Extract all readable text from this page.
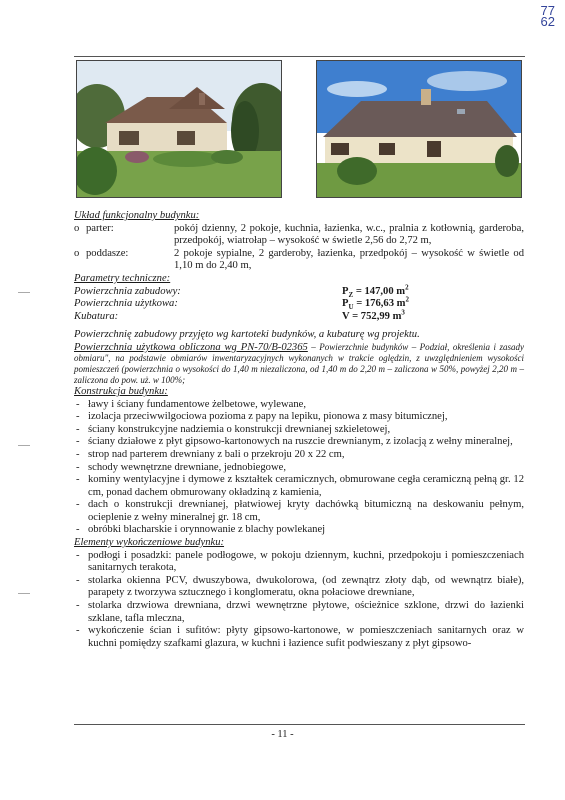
77
62

Układ funkcjonalny budynku:

o parter:	pokój dzienny, 2 pokoje, kuchnia, łazienka, w.c., pralnia z kotłownią, garderoba, przedpokój, wiatrołap – wysokość w świetle 2,56 do 2,72 m,
o poddasze:	2 pokoje sypialne, 2 garderoby, łazienka, przedpokój – wysokość w świetle od 1,10 m do 2,40 m,

Parametry techniczne:

Powierzchnia zabudowy:	$P_Z = 147,00$ $m^2$
Powierzchnia użytkowa:	$P_U = 176,63$ $m^2$
Kubatura:	V = 752,99 $m^3$
Powierzchnię zabudowy przyjęto wg kartoteki budynków, a kubaturę wg projektu.
Powierzchnia użytkowa obliczona wg PN-70/B-02365 – Powierzchnie budynków – Podział, określenia i zasady obmiaru", na podstawie obmiarów inwentaryzacyjnych wykonanych w trakcie oględzin, z uwzględnieniem wysokości pomieszczeń (powierzchnia o wysokości do 1,40 m niezaliczona, od 1,40 m do 2,20 m – zaliczona w 50%, powyżej 2,20 m – zaliczona do pow. uż. w 100%;

Konstrukcja budynku:

- ławy i ściany fundamentowe żelbetowe, wylewane,
- izolacja przeciwwilgociowa pozioma z papy na lepiku, pionowa z masy bitumicznej,
- ściany konstrukcyjne nadziemia o konstrukcji drewnianej szkieletowej,
- ściany działowe z płyt gipsowo-kartonowych na ruszcie drewnianym, z izolacją z wełny mineralnej,
- strop nad parterem drewniany z bali o przekroju 20 x 22 cm,
- schody wewnętrzne drewniane, jednobiegowe,
- kominy wentylacyjne i dymowe z kształtek ceramicznych, obmurowane cegła ceramiczną pełną gr. 12 cm, ponad dachem obmurowany okładziną z kamienia,
- dach o konstrukcji drewnianej, płatwiowej kryty dachówką bitumiczną na deskowaniu pełnym, ocieplenie z wełny mineralnej gr. 18 cm,
- obróbki blacharskie i orynnowanie z blachy powlekanej

Elementy wykończeniowe budynku:

- podłogi i posadzki: panele podłogowe, w pokoju dziennym, kuchni, przedpokoju i pomieszczeniach sanitarnych terakota,
- stolarka okienna PCV, dwuszybowa, dwukolorowa, (od zewnątrz złoty dąb, od wewnątrz białe), parapety z tworzywa sztucznego i konglomeratu, okna połaciowe drewniane,
- stolarka drzwiowa drewniana, drzwi wewnętrzne płytowe, ościeżnice szklone, drzwi do łazienki szklane, tafla mleczna,
- wykończenie ścian i sufitów: płyty gipsowo-kartonowe, w pomieszczeniach sanitarnych oraz w kuchni pomiędzy szafkami glazura, w kuchni i łazience sufit podwieszany z płyt gipsowo-
- 11 -
